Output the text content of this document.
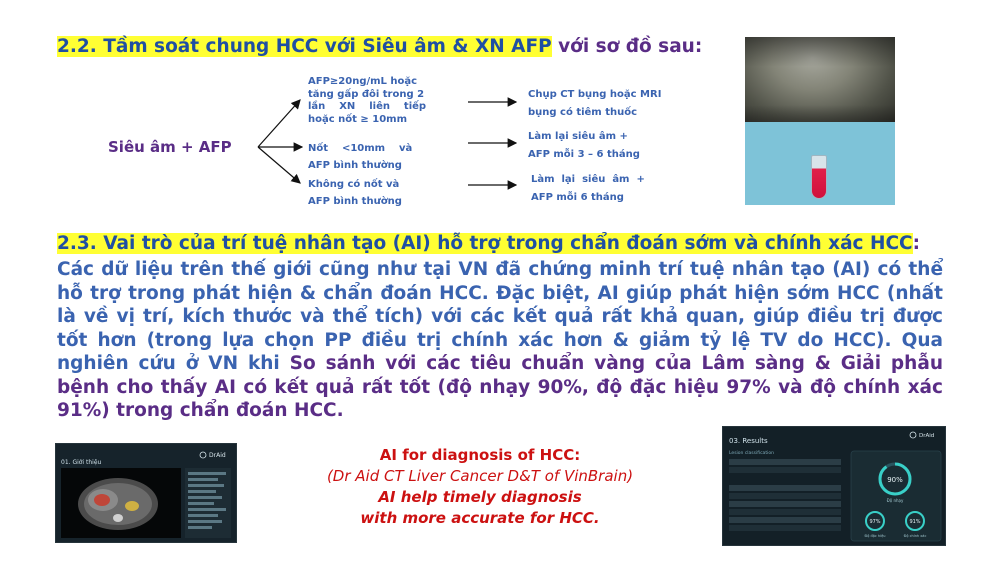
2.2. Tầm soát chung HCC với Siêu âm & XN AFP với sơ đồ sau:
Siêu âm + AFP
AFP≥20ng/mL hoặc
tăng gấp đôi trong 2
lần    XN    liên    tiếp
hoặc nốt ≥ 10mm
Nốt    <10mm    và
AFP bình thường
Không có nốt và
AFP bình thường
Chụp CT bụng hoặc MRI
bụng có tiêm thuốc
Làm lại siêu âm +
AFP mỗi 3 – 6 tháng
Làm  lại  siêu  âm  +
AFP mỗi 6 tháng
2.3. Vai trò của trí tuệ nhân tạo (AI) hỗ trợ trong chẩn đoán sớm và chính xác HCC:
Các dữ liệu trên thế giới cũng như tại VN đã chứng minh trí tuệ nhân tạo (AI) có thể hỗ trợ trong phát hiện & chẩn đoán HCC. Đặc biệt, AI giúp phát hiện sớm HCC (nhất là về vị trí, kích thước và thể tích) với các kết quả rất khả quan, giúp điều trị được tốt hơn (trong lựa chọn PP điều trị chính xác hơn & giảm tỷ lệ TV do HCC). Qua nghiên cứu ở VN khi So sánh với các tiêu chuẩn vàng của Lâm sàng & Giải phẫu bệnh cho thấy AI có kết quả rất tốt (độ nhạy 90%, độ đặc hiệu 97% và độ chính xác 91%) trong chẩn đoán HCC.
DrAid
01. Giới thiệu	AI for diagnosis of HCC:
(Dr Aid CT Liver Cancer D&T of VinBrain)
AI help timely diagnosis
with more accurate for HCC.
DrAid
03. Results
Lesion classification
90%
Độ nhạy
97%
Độ đặc hiệu
91%
Độ chính xác
